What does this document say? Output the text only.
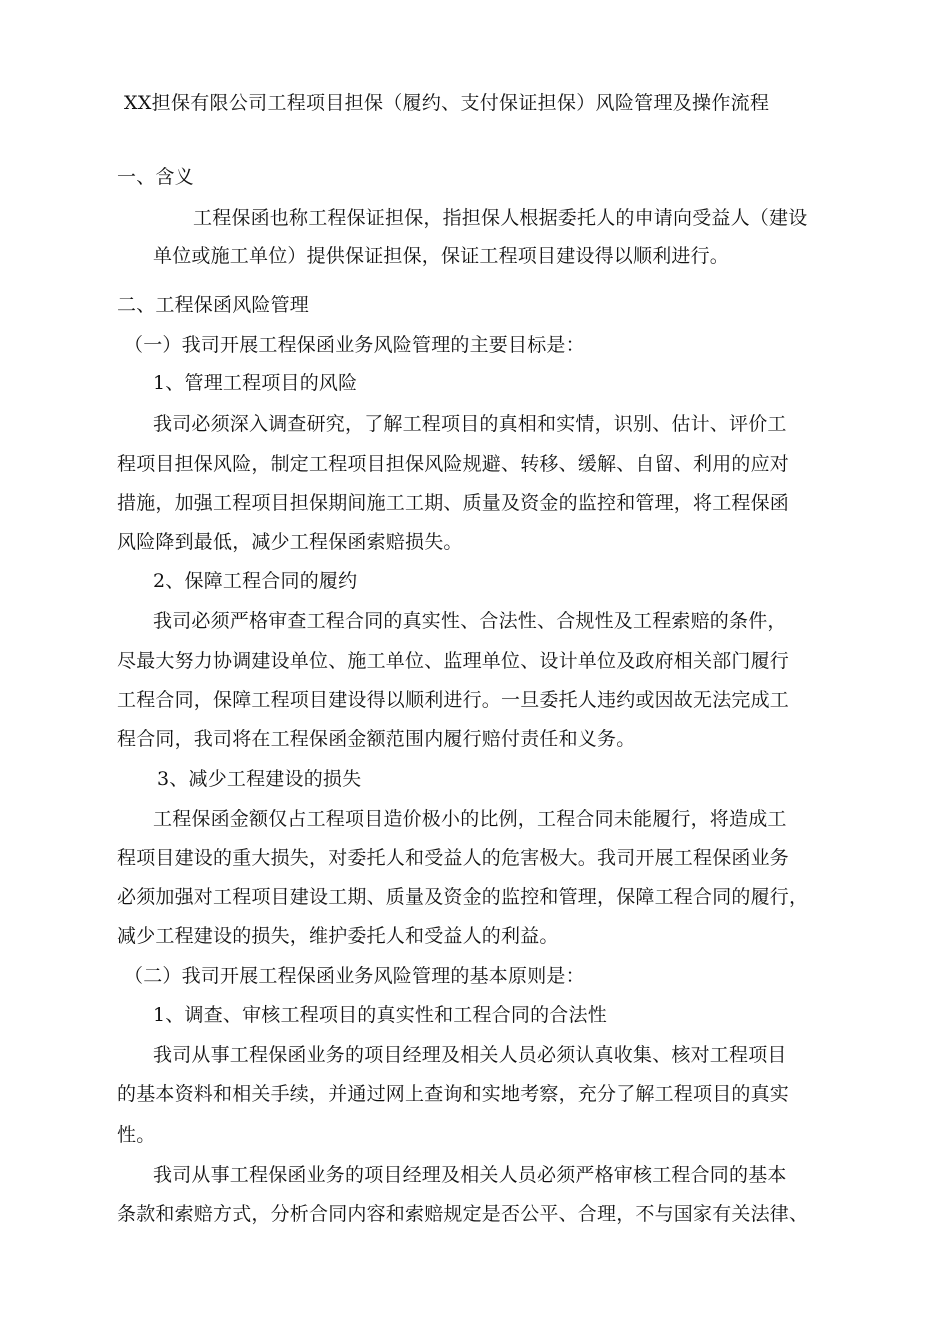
XX担保有限公司工程项目担保（履约、支付保证担保）风险管理及操作流程
一、含义
工程保函也称工程保证担保，指担保人根据委托人的申请向受益人（建设
单位或施工单位）提供保证担保，保证工程项目建设得以顺利进行。
二、工程保函风险管理
（一）我司开展工程保函业务风险管理的主要目标是：
1、管理工程项目的风险
我司必须深入调查研究，了解工程项目的真相和实情，识别、估计、评价工
程项目担保风险，制定工程项目担保风险规避、转移、缓解、自留、利用的应对
措施，加强工程项目担保期间施工工期、质量及资金的监控和管理，将工程保函
风险降到最低，减少工程保函索赔损失。
2、保障工程合同的履约
我司必须严格审查工程合同的真实性、合法性、合规性及工程索赔的条件，
尽最大努力协调建设单位、施工单位、监理单位、设计单位及政府相关部门履行
工程合同，保障工程项目建设得以顺利进行。一旦委托人违约或因故无法完成工
程合同，我司将在工程保函金额范围内履行赔付责任和义务。
3、减少工程建设的损失
工程保函金额仅占工程项目造价极小的比例，工程合同未能履行，将造成工
程项目建设的重大损失，对委托人和受益人的危害极大。我司开展工程保函业务
必须加强对工程项目建设工期、质量及资金的监控和管理，保障工程合同的履行，
减少工程建设的损失，维护委托人和受益人的利益。
（二）我司开展工程保函业务风险管理的基本原则是：
1、调查、审核工程项目的真实性和工程合同的合法性
我司从事工程保函业务的项目经理及相关人员必须认真收集、核对工程项目
的基本资料和相关手续，并通过网上查询和实地考察，充分了解工程项目的真实
性。
我司从事工程保函业务的项目经理及相关人员必须严格审核工程合同的基本
条款和索赔方式，分析合同内容和索赔规定是否公平、合理，不与国家有关法律、
